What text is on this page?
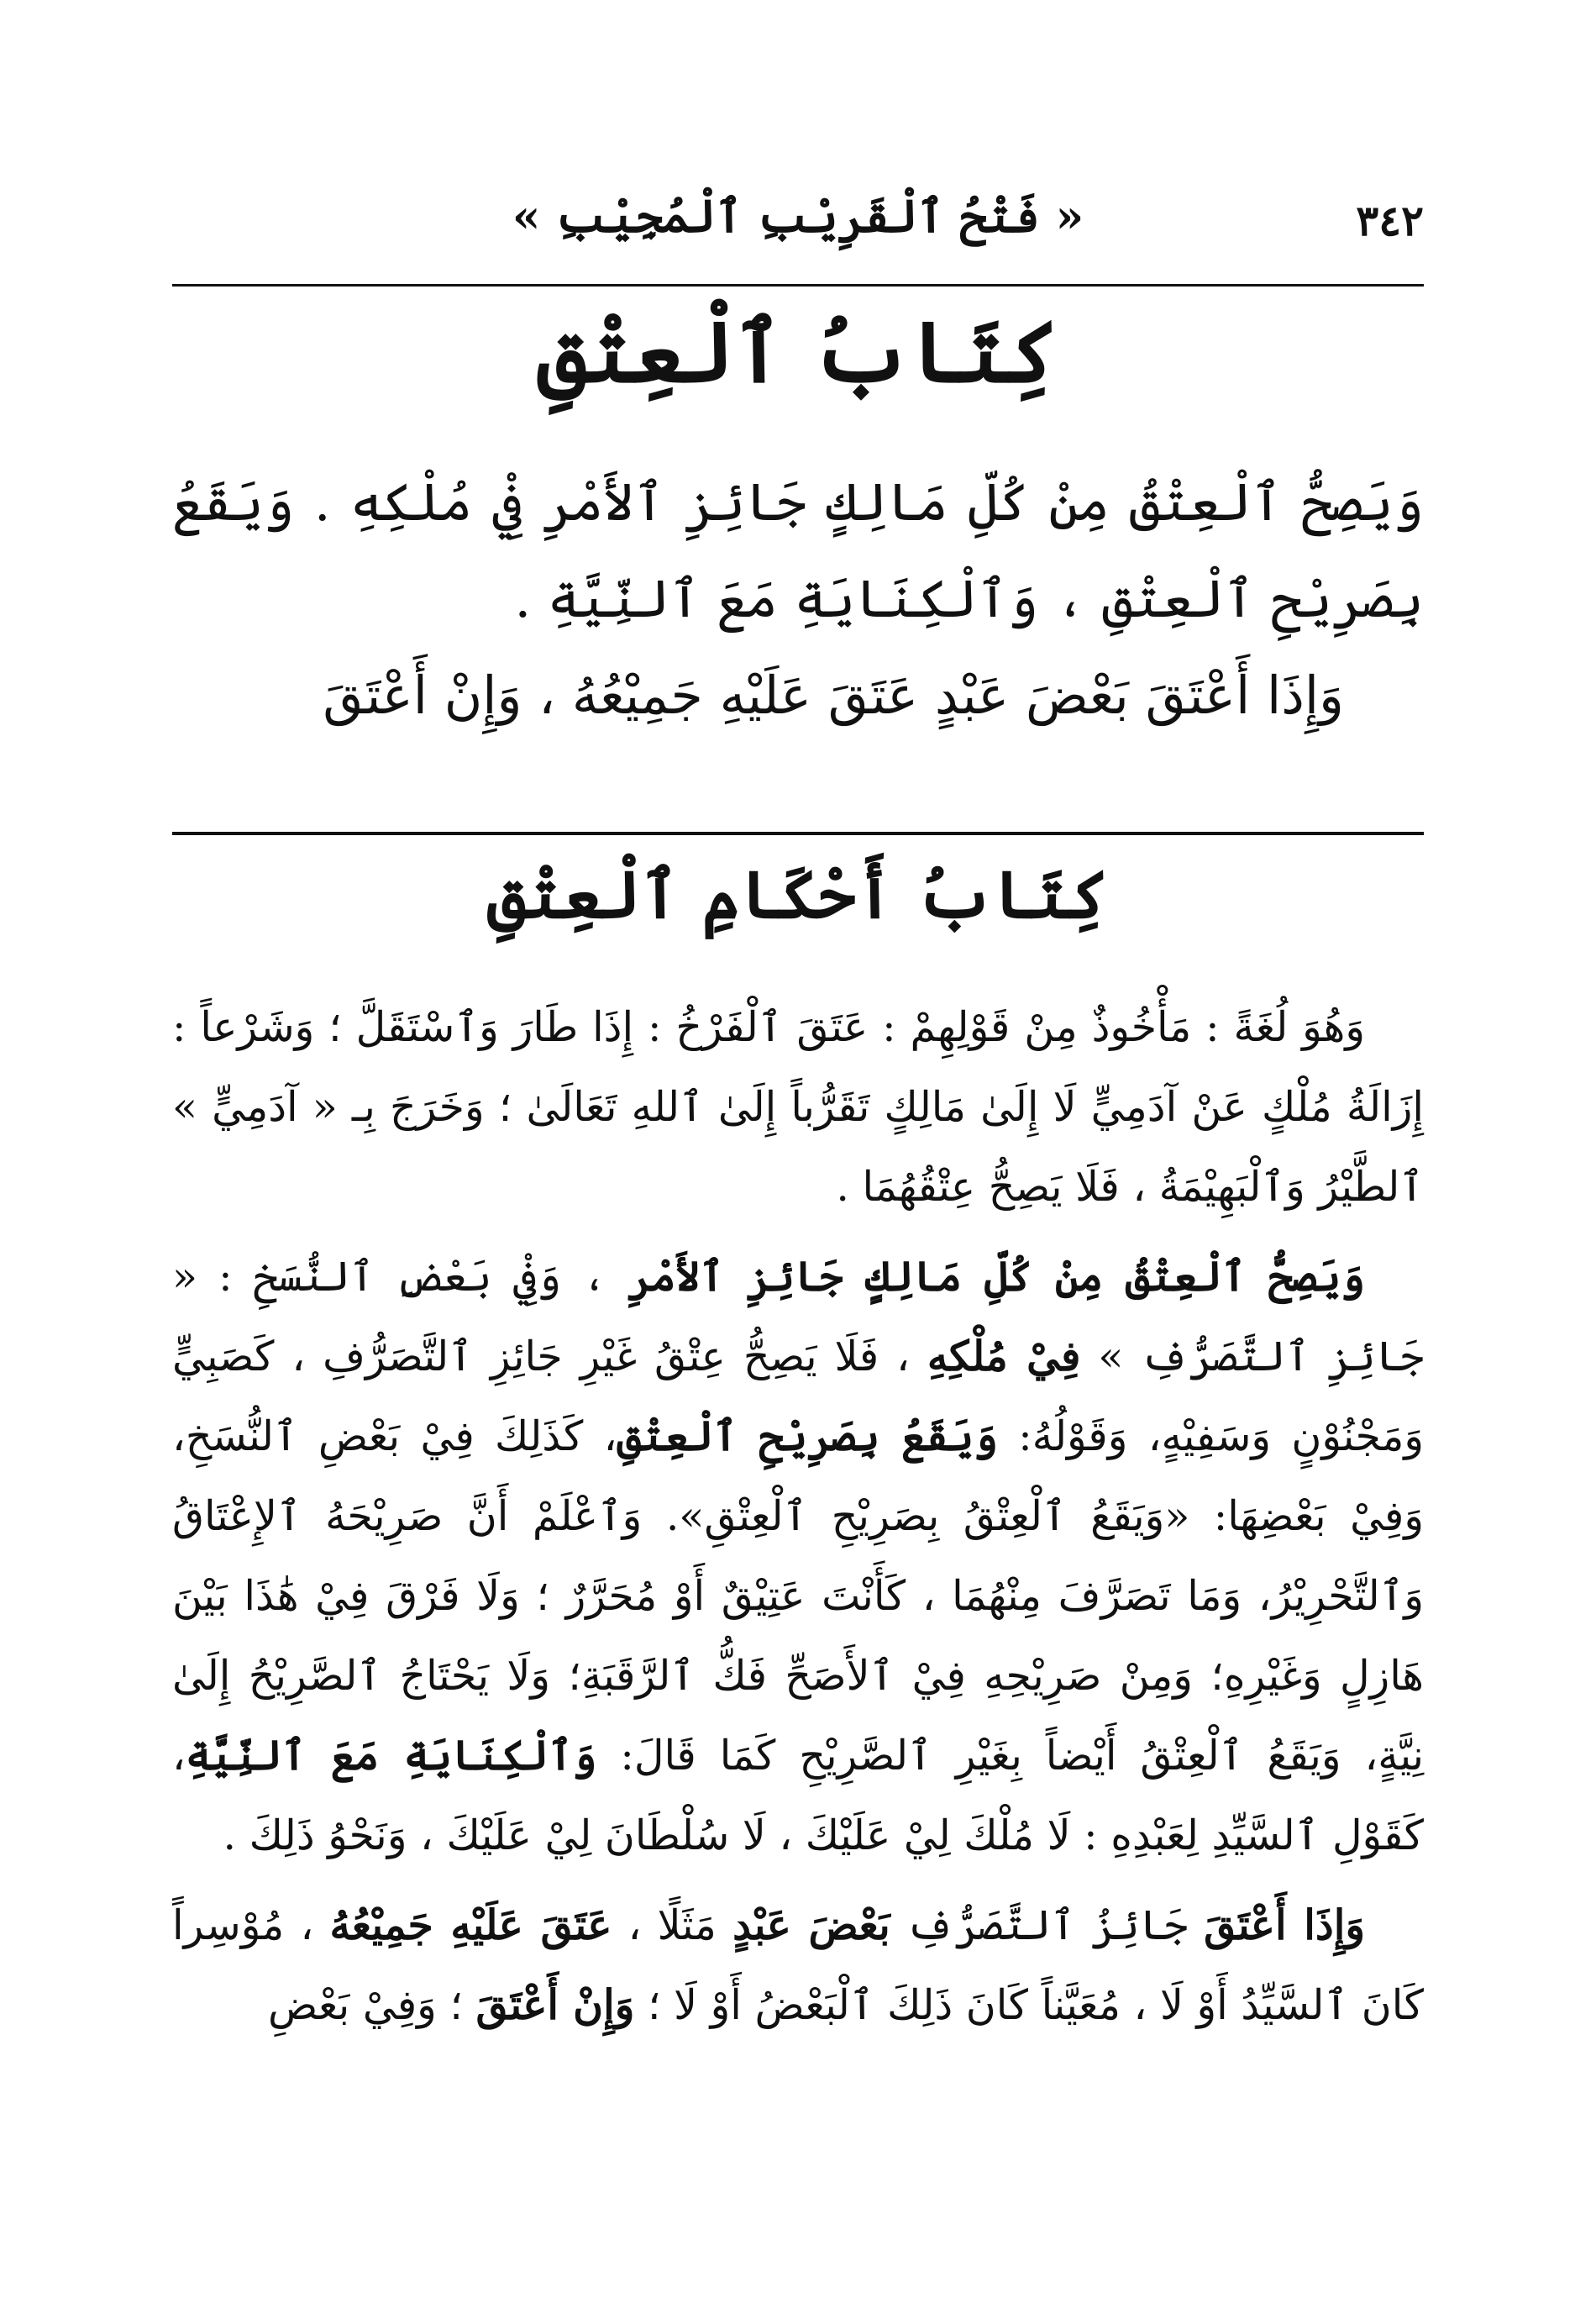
٣٤٢
« فَتْحُ ٱلْقَرِيْبِ ٱلْمُجِيْبِ »
كِتَابُ ٱلْعِتْقِ

وَيَصِحُّ ٱلْعِتْقُ مِنْ كُلِّ مَالِكٍ جَائِزِ ٱلأَمْرِ فِيْ مُلْكِهِ . وَيَقَعُ بِصَرِيْحِ ٱلْعِتْقِ ، وَٱلْكِنَايَةِ مَعَ ٱلنِّيَّةِ .

وَإِذَا أَعْتَقَ بَعْضَ عَبْدٍ عَتَقَ عَلَيْهِ جَمِيْعُهُ ، وَإِنْ أَعْتَقَ

كِتَابُ أَحْكَامِ ٱلْعِتْقِ

وَهُوَ لُغَةً : مَأْخُوذٌ مِنْ قَوْلِهِمْ : عَتَقَ ٱلْفَرْخُ : إِذَا طَارَ وَٱسْتَقَلَّ ؛ وَشَرْعاً : إِزَالَةُ مُلْكٍ عَنْ آدَمِيٍّ لَا إِلَىٰ مَالِكٍ تَقَرُّباً إِلَىٰ ٱللهِ تَعَالَىٰ ؛ وَخَرَجَ بِـ « آدَمِيٍّ » ٱلطَّيْرُ وَٱلْبَهِيْمَةُ ، فَلَا يَصِحُّ عِتْقُهُمَا .

وَيَصِحُّ ٱلْعِتْقُ مِنْ كُلِّ مَالِكٍ جَائِزِ ٱلأَمْرِ ، وَفِيْ بَعْضِ ٱلنُّسَخِ : « جَائِزِ ٱلتَّصَرُّفِ » فِيْ مُلْكِهِ ، فَلَا يَصِحُّ عِتْقُ غَيْرِ جَائِزِ ٱلتَّصَرُّفِ ، كَصَبِيٍّ وَمَجْنُوْنٍ وَسَفِيْهٍ، وَقَوْلُهُ: وَيَقَعُ بِصَرِيْحِ ٱلْعِتْقِ، كَذَلِكَ فِيْ بَعْضِ ٱلنُّسَخِ، وَفِيْ بَعْضِهَا: «وَيَقَعُ ٱلْعِتْقُ بِصَرِيْحِ ٱلْعِتْقِ». وَٱعْلَمْ أَنَّ صَرِيْحَهُ ٱلإِعْتَاقُ وَٱلتَّحْرِيْرُ، وَمَا تَصَرَّفَ مِنْهُمَا ، كَأَنْتَ عَتِيْقٌ أَوْ مُحَرَّرٌ ؛ وَلَا فَرْقَ فِيْ هَٰذَا بَيْنَ هَازِلٍ وَغَيْرِهِ؛ وَمِنْ صَرِيْحِهِ فِيْ ٱلأَصَحِّ فَكُّ ٱلرَّقَبَةِ؛ وَلَا يَحْتَاجُ ٱلصَّرِيْحُ إِلَىٰ نِيَّةٍ، وَيَقَعُ ٱلْعِتْقُ أَيْضاً بِغَيْرِ ٱلصَّرِيْحِ كَمَا قَالَ: وَٱلْكِنَايَةِ مَعَ ٱلنِّيَّةِ، كَقَوْلِ ٱلسَّيِّدِ لِعَبْدِهِ : لَا مُلْكَ لِيْ عَلَيْكَ ، لَا سُلْطَانَ لِيْ عَلَيْكَ ، وَنَحْوُ ذَلِكَ .

وَإِذَا أَعْتَقَ جَائِزُ ٱلتَّصَرُّفِ بَعْضَ عَبْدٍ مَثَلًا ، عَتَقَ عَلَيْهِ جَمِيْعُهُ ، مُوْسِراً كَانَ ٱلسَّيِّدُ أَوْ لَا ، مُعَيَّناً كَانَ ذَلِكَ ٱلْبَعْضُ أَوْ لَا ؛ وَإِنْ أَعْتَقَ ؛ وَفِيْ بَعْضِ
